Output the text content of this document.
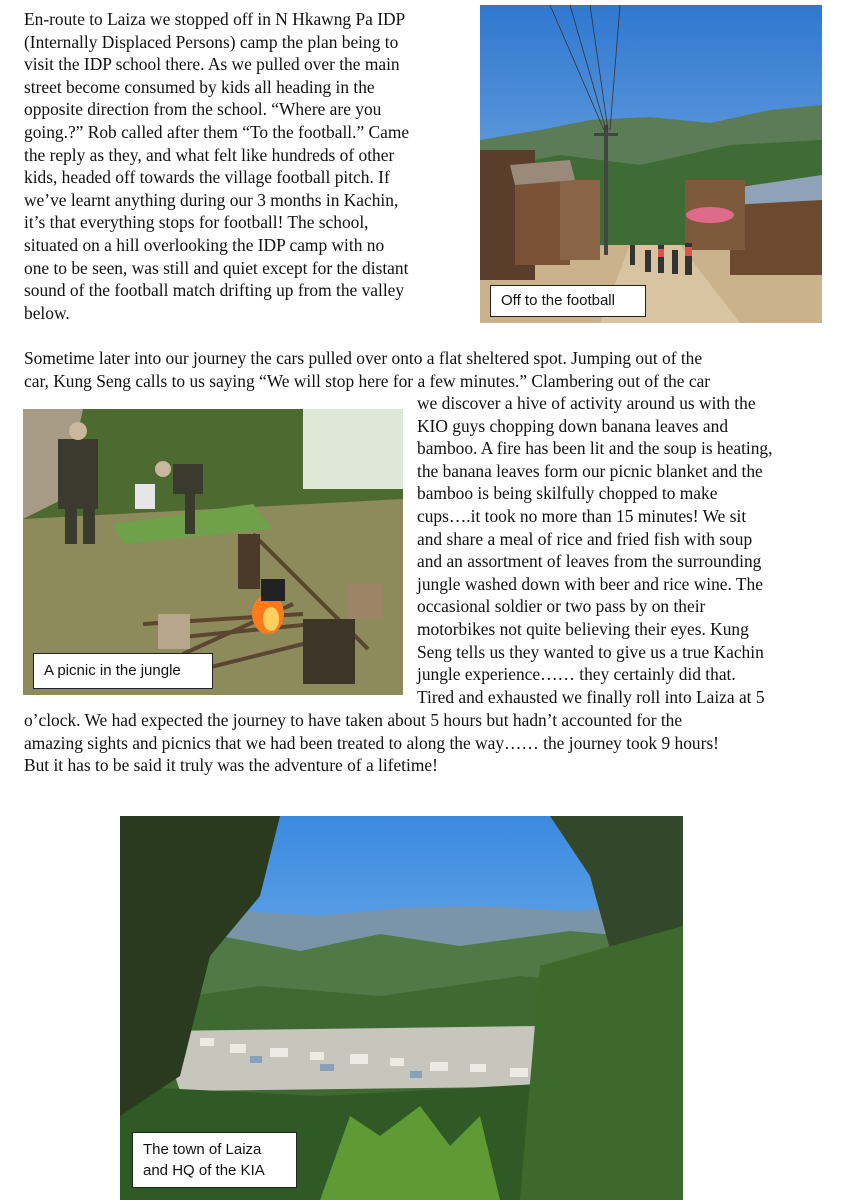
En-route to Laiza we stopped off in N Hkawng Pa IDP
(Internally Displaced Persons) camp the plan being to
visit the IDP school there. As we pulled over the main
street become consumed by kids all heading in the
opposite direction from the school. “Where are you
going.?” Rob called after them “To the football.” Came
the reply as they, and what felt like hundreds of other
kids, headed off towards the village football pitch. If
we’ve learnt anything during our 3 months in Kachin,
it’s that everything stops for football! The school,
situated on a hill overlooking the IDP camp with no
one to be seen, was still and quiet except for the distant
sound of the football match drifting up from the valley
below.

Off to the football

Sometime later into our journey the cars pulled over onto a flat sheltered spot. Jumping out of the
car, Kung Seng calls to us saying “We will stop here for a few minutes.” Clambering out of the car

A picnic in the jungle

we discover a hive of activity around us with the
KIO guys chopping down banana leaves and
bamboo. A fire has been lit and the soup is heating,
the banana leaves form our picnic blanket and the
bamboo is being skilfully chopped to make
cups….it took no more than 15 minutes! We sit
and share a meal of rice and fried fish with soup
and an assortment of leaves from the surrounding
jungle washed down with beer and rice wine. The
occasional soldier or two pass by on their
motorbikes not quite believing their eyes. Kung
Seng tells us they wanted to give us a true Kachin
jungle experience…… they certainly did that.
Tired and exhausted we finally roll into Laiza at 5

o’clock. We had expected the journey to have taken about 5 hours but hadn’t accounted for the
amazing sights and picnics that we had been treated to along the way…… the journey took 9 hours!
But it has to be said it truly was the adventure of a lifetime!

The town of Laiza
and HQ of the KIA
